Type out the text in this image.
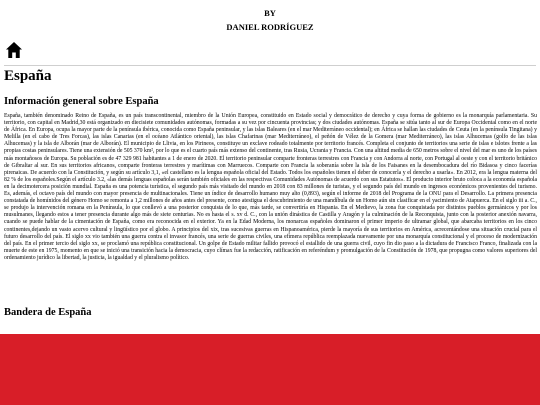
BY
DANIEL RODRÍGUEZ
España
Información general sobre España

España, también denominado Reino de España, es un país transcontinental, miembro de la Unión Europea, constituido en Estado social y democrático de derecho y cuya forma de gobierno es la monarquía parlamentaria. Su territorio, con capital en Madrid,30 está organizado en diecisiete comunidades autónomas, formadas a su vez por cincuenta provincias; y dos ciudades autónomas. España se sitúa tanto al sur de Europa Occidental como en el norte de África. En Europa, ocupa la mayor parte de la península ibérica, conocida como España peninsular, y las islas Baleares (en el mar Mediterráneo occidental); en África se hallan las ciudades de Ceuta (en la península Tingitana) y Melilla (en el cabo de Tres Forcas), las islas Canarias (en el océano Atlántico oriental), las islas Chafarinas (mar Mediterráneo), el peñón de Vélez de la Gomera (mar Mediterráneo), las islas Alhucemas (golfo de las islas Alhucemas) y la isla de Alborán (mar de Alborán). El municipio de Llivia, en los Pirineos, constituye un exclave rodeado totalmente por territorio francés. Completa el conjunto de territorios una serie de islas e islotes frente a las propias costas peninsulares. Tiene una extensión de 505 370 km², por lo que es el cuarto país más extenso del continente, tras Rusia, Ucrania y Francia. Con una altitud media de 650 metros sobre el nivel del mar es uno de los países más montañosos de Europa. Su población es de 47 329 981 habitantes a 1 de enero de 2020. El territorio peninsular comparte fronteras terrestres con Francia y con Andorra al norte, con Portugal al oeste y con el territorio británico de Gibraltar al sur. En sus territorios africanos, comparte fronteras terrestres y marítimas con Marruecos. Comparte con Francia la soberanía sobre la isla de los Faisanes en la desembocadura del río Bidasoa y cinco facerías pirenaicas. De acuerdo con la Constitución, y según su artículo 3,1, «el castellano es la lengua española oficial del Estado. Todos los españoles tienen el deber de conocerla y el derecho a usarla». En 2012, era la lengua materna del 82 % de los españoles.Según el artículo 3.2, «las demás lenguas españolas serán también oficiales en las respectivas Comunidades Autónomas de acuerdo con sus Estatutos». El producto interior bruto coloca a la economía española en la decimotercera posición mundial. España es una potencia turística, el segundo país más visitado del mundo en 2018 con 83 millones de turistas, y el segundo país del mundo en ingresos económicos provenientes del turismo. Es, además, el octavo país del mundo con mayor presencia de multinacionales. Tiene un índice de desarrollo humano muy alto (0,893), según el informe de 2018 del Programa de la ONU para el Desarrollo. La primera presencia constatada de homínidos del género Homo se remonta a 1,2 millones de años antes del presente, como atestigua el descubrimiento de una mandíbula de un Homo aún sin clasificar en el yacimiento de Atapuerca. En el siglo iii a. C., se produjo la intervención romana en la Península, lo que conllevó a una posterior conquista de lo que, más tarde, se convertiría en Hispania. En el Medievo, la zona fue conquistada por distintos pueblos germánicos y por los musulmanes, llegando estos a tener presencia durante algo más de siete centurias. No es hasta el s. xv d. C., con la unión dinástica de Castilla y Aragón y la culminación de la Reconquista, junto con la posterior anexión navarra, cuando se puede hablar de la cimentación de España, como era reconocida en el exterior. Ya en la Edad Moderna, los monarcas españoles dominaron el primer imperio de ultramar global, que abarcaba territorios en los cinco continentes,dejando un vasto acervo cultural y lingüístico por el globo. A principios del xix, tras sucesivas guerras en Hispanoamérica, pierde la mayoría de sus territorios en América, acrecentándose una situación crucial para el futuro desarrollo del país. El siglo xx vio también una guerra contra el invasor francés, una serie de guerras civiles, una efímera república reemplazada nuevamente por una monarquía constitucional y el proceso de modernización del país. En el primer tercio del siglo xx, se proclamó una república constitucional. Un golpe de Estado militar fallido provocó el estallido de una guerra civil, cuyo fin dio paso a la dictadura de Francisco Franco, finalizada con la muerte de este en 1975, momento en que se inició una transición hacia la democracia, cuyo clímax fue la redacción, ratificación en referéndum y promulgación de la Constitución de 1978, que propugna como valores superiores del ordenamiento jurídico la libertad, la justicia, la igualdad y el pluralismo político.

Bandera de España
